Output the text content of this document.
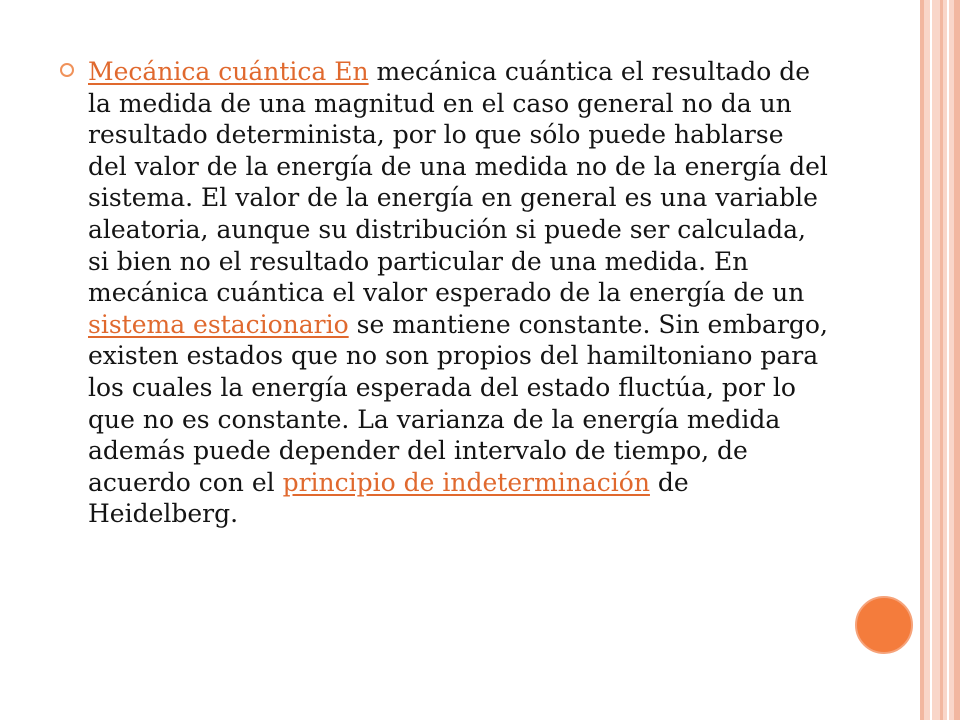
Mecánica cuántica En mecánica cuántica el resultado de la medida de una magnitud en el caso general no da un resultado determinista, por lo que sólo puede hablarse del valor de la energía de una medida no de la energía del sistema. El valor de la energía en general es una variable aleatoria, aunque su distribución si puede ser calculada, si bien no el resultado particular de una medida. En mecánica cuántica el valor esperado de la energía de un sistema estacionario se mantiene constante. Sin embargo, existen estados que no son propios del hamiltoniano para los cuales la energía esperada del estado fluctúa, por lo que no es constante. La varianza de la energía medida además puede depender del intervalo de tiempo, de acuerdo con el principio de indeterminación de Heidelberg.
